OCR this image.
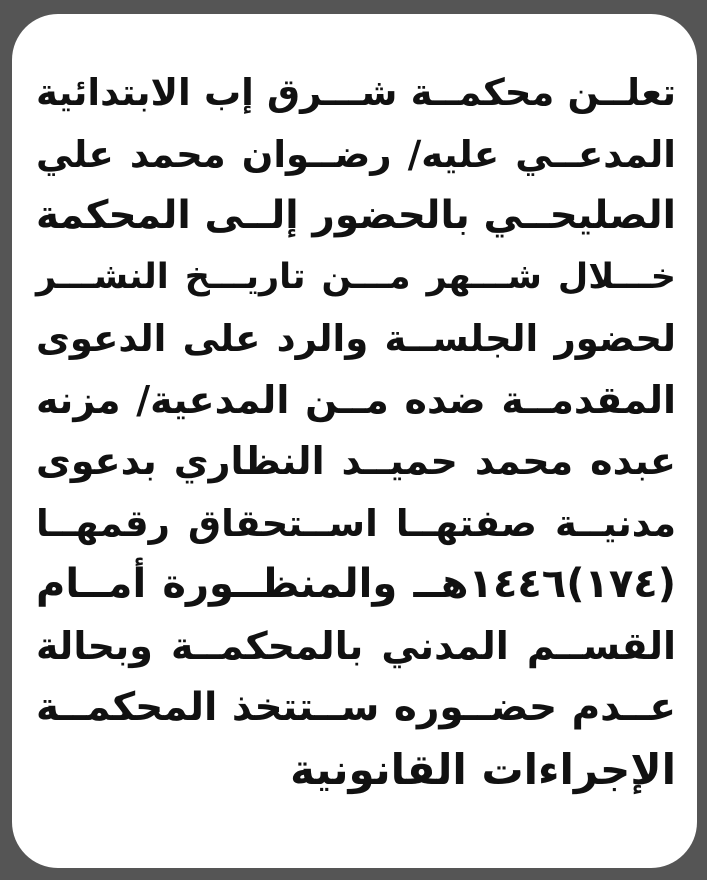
تعلــن محكمــة شـــرق إب الابتدائية
المدعــي عليه/ رضــوان محمد علي
الصليحــي بالحضور إلــى المحكمة
خـــلال شـــهر مـــن تاريـــخ النشـــر
لحضور الجلســة والرد على الدعوى
المقدمــة ضده مــن المدعية/ مزنه
عبده محمد حميــد النظاري بدعوى
مدنيــة صفتهــا اســتحقاق رقمهــا
(١٧٤)١٤٤٦هــ والمنظــورة أمــام
القســم المدني بالمحكمــة وبحالة
عــدم حضــوره ســتتخذ المحكمــة
الإجراءات القانونية
